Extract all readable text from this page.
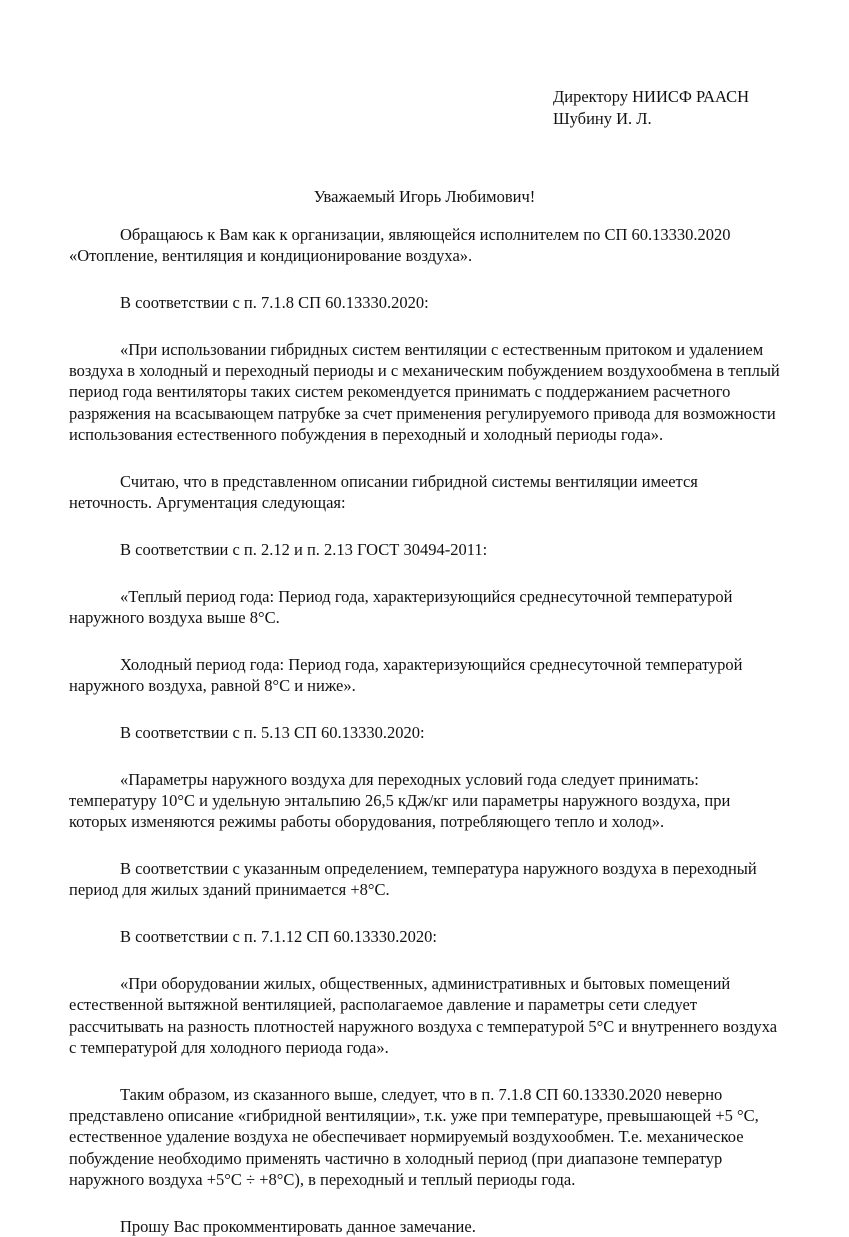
Директору НИИСФ РААСН
Шубину И. Л.
Уважаемый Игорь Любимович!

Обращаюсь к Вам как к организации, являющейся исполнителем по СП 60.13330.2020 «Отопление, вентиляция и кондиционирование воздуха».

В соответствии с п. 7.1.8 СП 60.13330.2020:

«При использовании гибридных систем вентиляции с естественным притоком и удалением воздуха в холодный и переходный периоды и с механическим побуждением воздухообмена в теплый период года вентиляторы таких систем рекомендуется принимать с поддержанием расчетного разряжения на всасывающем патрубке за счет применения регулируемого привода для возможности использования естественного побуждения в переходный и холодный периоды года».

Считаю, что в представленном описании гибридной системы вентиляции имеется неточность. Аргументация следующая:

В соответствии с п. 2.12 и п. 2.13 ГОСТ 30494-2011:

«Теплый период года: Период года, характеризующийся среднесуточной температурой наружного воздуха выше 8°С.

Холодный период года: Период года, характеризующийся среднесуточной температурой наружного воздуха, равной 8°С и ниже».

В соответствии с п. 5.13 СП 60.13330.2020:

«Параметры наружного воздуха для переходных условий года следует принимать: температуру 10°С и удельную энтальпию 26,5 кДж/кг или параметры наружного воздуха, при которых изменяются режимы работы оборудования, потребляющего тепло и холод».

В соответствии с указанным определением, температура наружного воздуха в переходный период для жилых зданий принимается +8°С.

В соответствии с п. 7.1.12 СП 60.13330.2020:

«При оборудовании жилых, общественных, административных и бытовых помещений естественной вытяжной вентиляцией, располагаемое давление и параметры сети следует рассчитывать на разность плотностей наружного воздуха с температурой 5°С и внутреннего воздуха с температурой для холодного периода года».

Таким образом, из сказанного выше, следует, что в п. 7.1.8 СП 60.13330.2020 неверно представлено описание «гибридной вентиляции», т.к. уже при температуре, превышающей +5 °С, естественное удаление воздуха не обеспечивает нормируемый воздухообмен. Т.е. механическое побуждение необходимо применять частично в холодный период (при диапазоне температур наружного воздуха +5°С ÷ +8°С), в переходный и теплый периоды года.

Прошу Вас прокомментировать данное замечание.
